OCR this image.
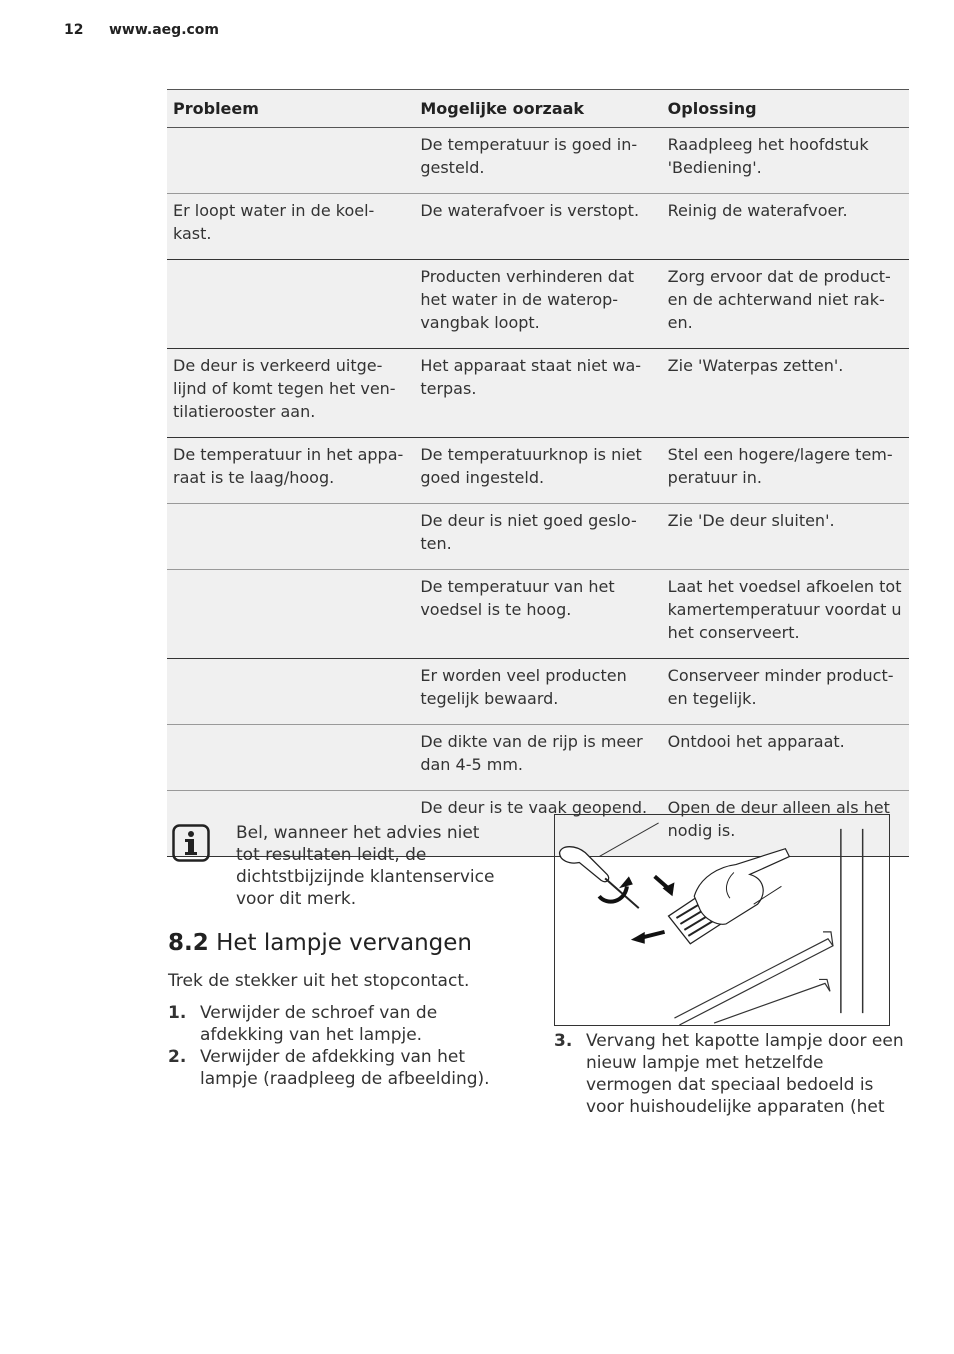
12 www.aeg.com
Probleem	Mogelijke oorzaak	Oplossing
	De temperatuur is goed in-gesteld.	Raadpleeg het hoofdstuk 'Bediening'.
Er loopt water in de koel-kast.	De waterafvoer is verstopt.	Reinig de waterafvoer.
	Producten verhinderen dat het water in de waterop-vangbak loopt.	Zorg ervoor dat de product-en de achterwand niet rak-en.
De deur is verkeerd uitge-lijnd of komt tegen het ven-tilatierooster aan.	Het apparaat staat niet wa-terpas.	Zie 'Waterpas zetten'.
De temperatuur in het appa-raat is te laag/hoog.	De temperatuurknop is niet goed ingesteld.	Stel een hogere/lagere tem-peratuur in.
	De deur is niet goed geslo-ten.	Zie 'De deur sluiten'.
	De temperatuur van het voedsel is te hoog.	Laat het voedsel afkoelen tot kamertemperatuur voordat u het conserveert.
	Er worden veel producten tegelijk bewaard.	Conserveer minder product-en tegelijk.
	De dikte van de rijp is meer dan 4-5 mm.	Ontdooi het apparaat.
	De deur is te vaak geopend.	Open de deur alleen als het nodig is.
Bel, wanneer het advies niet tot resultaten leidt, de dichtstbijzijnde klantenservice voor dit merk.
8.2 Het lampje vervangen
Trek de stekker uit het stopcontact.
1. Verwijder de schroef van de afdekking van het lampje.
2. Verwijder de afdekking van het lampje (raadpleeg de afbeelding).
3. Vervang het kapotte lampje door een nieuw lampje met hetzelfde vermogen dat speciaal bedoeld is voor huishoudelijke apparaten (het
